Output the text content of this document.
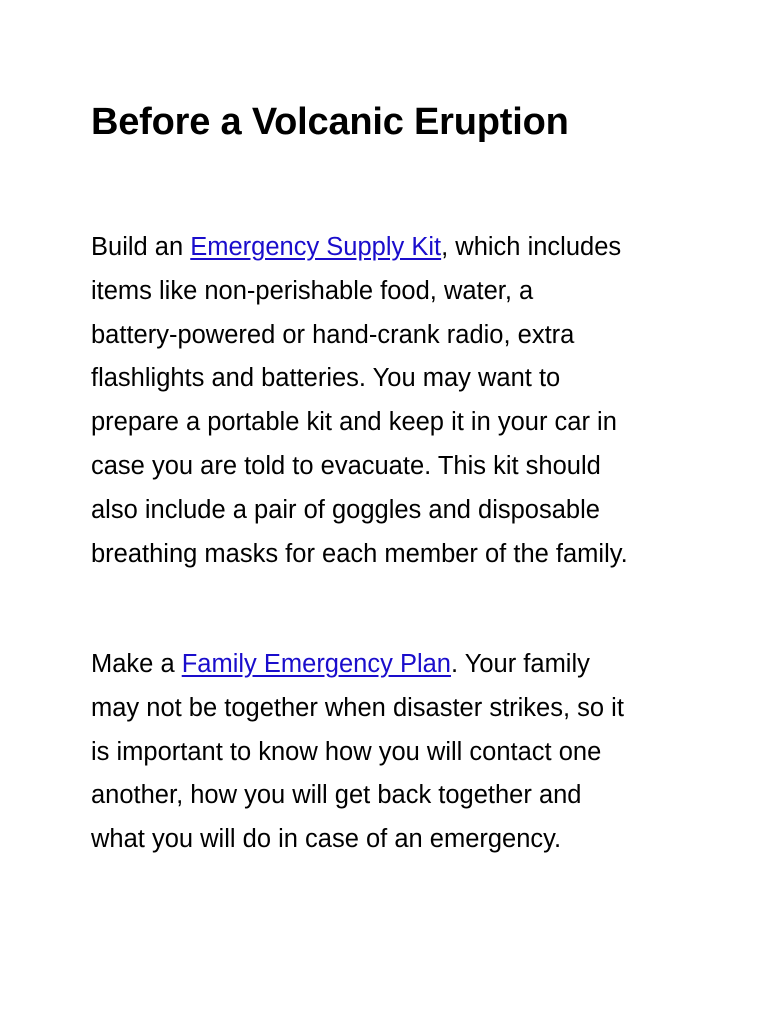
Before a Volcanic Eruption

Build an Emergency Supply Kit, which includes
items like non-perishable food, water, a
battery-powered or hand-crank radio, extra
flashlights and batteries. You may want to
prepare a portable kit and keep it in your car in
case you are told to evacuate. This kit should
also include a pair of goggles and disposable
breathing masks for each member of the family.

Make a Family Emergency Plan. Your family
may not be together when disaster strikes, so it
is important to know how you will contact one
another, how you will get back together and
what you will do in case of an emergency.
